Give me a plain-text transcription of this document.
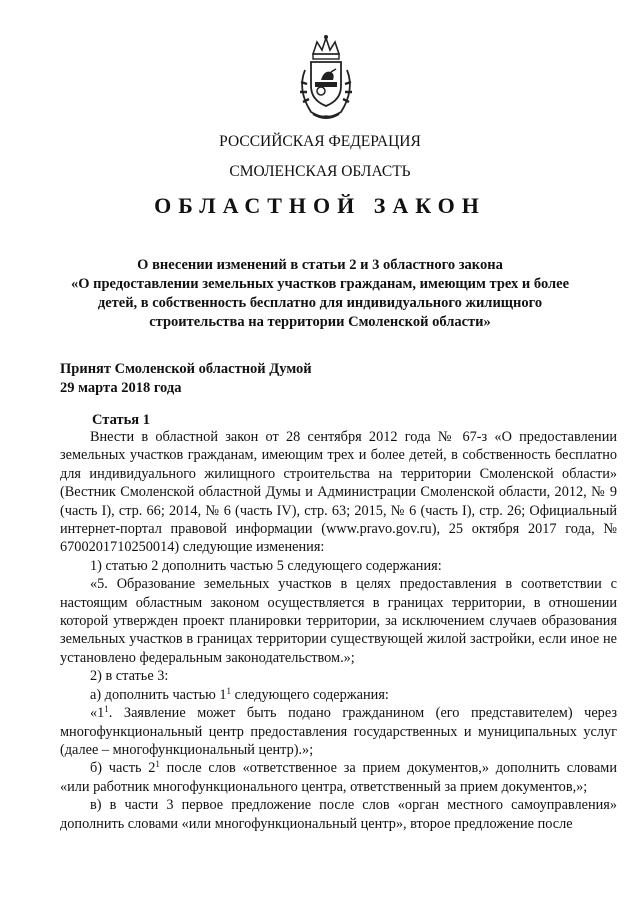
РОССИЙСКАЯ ФЕДЕРАЦИЯ
СМОЛЕНСКАЯ ОБЛАСТЬ
ОБЛАСТНОЙ ЗАКОН
О внесении изменений в статьи 2 и 3 областного закона
«О предоставлении земельных участков гражданам, имеющим трех и более
детей, в собственность бесплатно для индивидуального жилищного
строительства на территории Смоленской области»
Принят Смоленской областной Думой
29 марта 2018 года
Статья 1

Внести в областной закон от 28 сентября 2012 года № 67-з «О предоставлении земельных участков гражданам, имеющим трех и более детей, в собственность бесплатно для индивидуального жилищного строительства на территории Смоленской области» (Вестник Смоленской областной Думы и Администрации Смоленской области, 2012, № 9 (часть I), стр. 66; 2014, № 6 (часть IV), стр. 63; 2015, № 6 (часть I), стр. 26; Официальный интернет-портал правовой информации (www.pravo.gov.ru), 25 октября 2017 года, № 6700201710250014) следующие изменения:

1) статью 2 дополнить частью 5 следующего содержания:

«5. Образование земельных участков в целях предоставления в соответствии с настоящим областным законом осуществляется в границах территории, в отношении которой утвержден проект планировки территории, за исключением случаев образования земельных участков в границах территории существующей жилой застройки, если иное не установлено федеральным законодательством.»;

2) в статье 3:

а) дополнить частью $1^1$ следующего содержания:

«$1^1$. Заявление может быть подано гражданином (его представителем) через многофункциональный центр предоставления государственных и муниципальных услуг (далее – многофункциональный центр).»;

б) часть $2^1$ после слов «ответственное за прием документов,» дополнить словами «или работник многофункционального центра, ответственный за прием документов,»;

в) в части 3 первое предложение после слов «орган местного самоуправления» дополнить словами «или многофункциональный центр», второе предложение после
